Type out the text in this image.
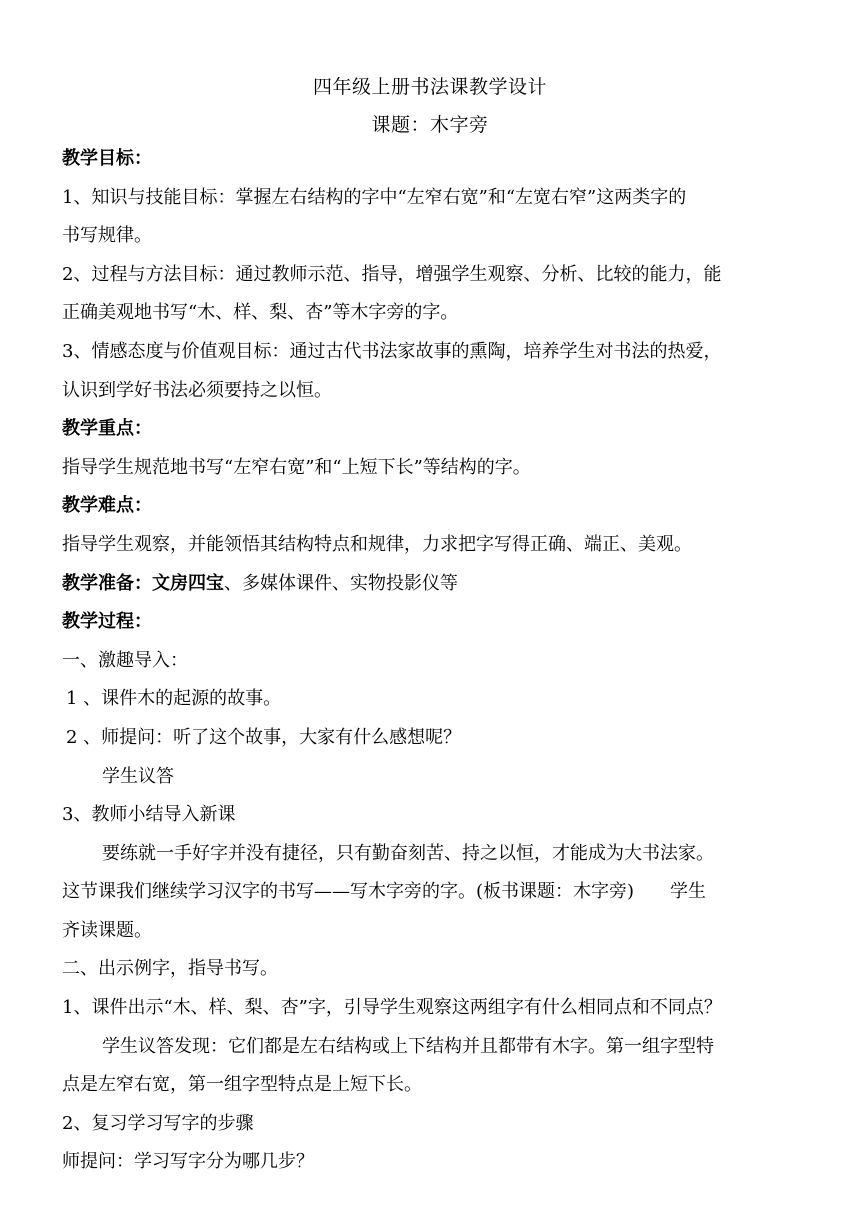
四年级上册书法课教学设计
课题：木字旁

教学目标：

1、知识与技能目标：掌握左右结构的字中“左窄右宽”和“左宽右窄”这两类字的

书写规律。

2、过程与方法目标：通过教师示范、指导，增强学生观察、分析、比较的能力，能

正确美观地书写“木、样、梨、杏”等木字旁的字。

3、情感态度与价值观目标：通过古代书法家故事的熏陶，培养学生对书法的热爱，

认识到学好书法必须要持之以恒。

教学重点：

指导学生规范地书写“左窄右宽”和“上短下长”等结构的字。

教学难点：

指导学生观察，并能领悟其结构特点和规律，力求把字写得正确、端正、美观。

教学准备：文房四宝、多媒体课件、实物投影仪等

教学过程：

一、激趣导入：

1 、课件木的起源的故事。

2 、师提问：听了这个故事，大家有什么感想呢？

学生议答

3、教师小结导入新课

要练就一手好字并没有捷径，只有勤奋刻苦、持之以恒，才能成为大书法家。

这节课我们继续学习汉字的书写——写木字旁的字。(板书课题：木字旁)　　学生

齐读课题。

二、出示例字，指导书写。

1、课件出示“木、样、梨、杏”字，引导学生观察这两组字有什么相同点和不同点？

学生议答发现：它们都是左右结构或上下结构并且都带有木字。第一组字型特

点是左窄右宽，第一组字型特点是上短下长。

2、复习学习写字的步骤

师提问：学习写字分为哪几步？
